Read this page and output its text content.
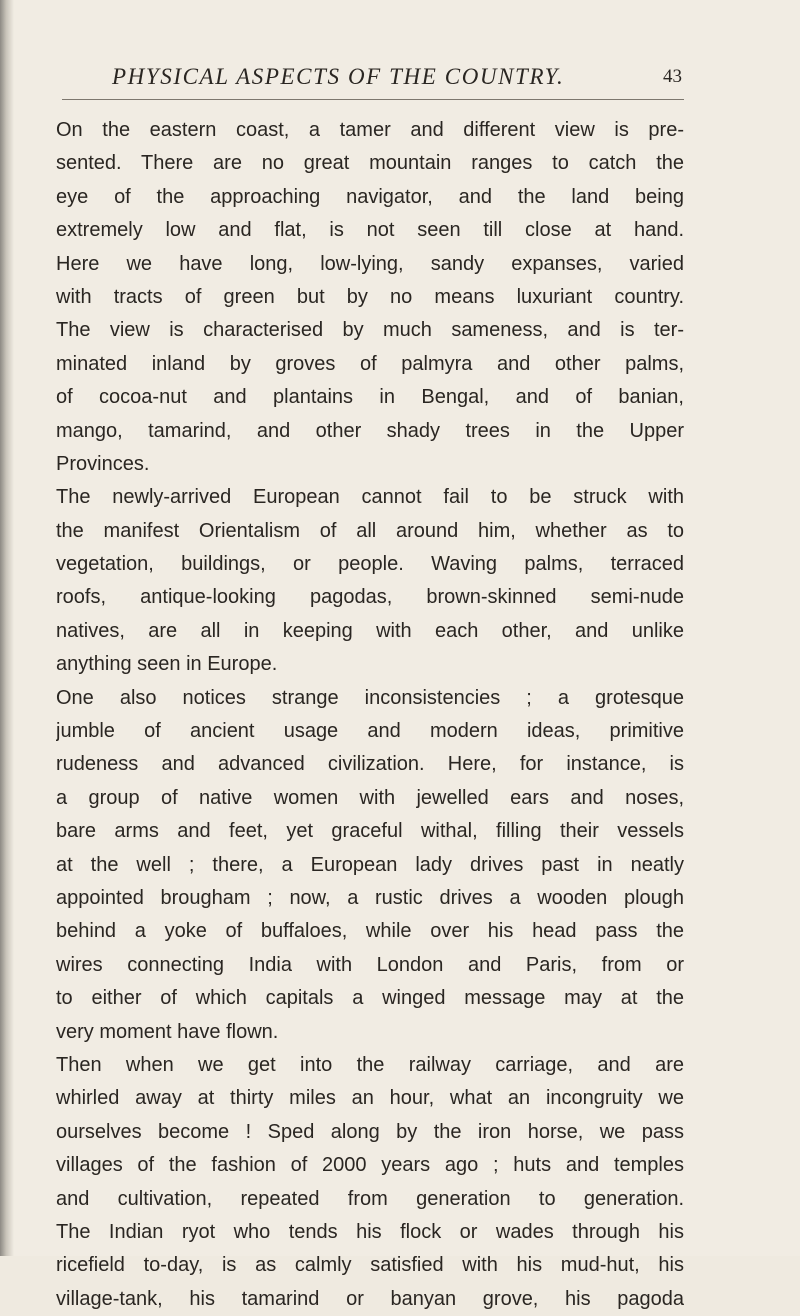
PHYSICAL ASPECTS OF THE COUNTRY.	43
On the eastern coast, a tamer and different view is pre-
sented. There are no great mountain ranges to catch the
eye of the approaching navigator, and the land being
extremely low and flat, is not seen till close at hand.
Here we have long, low-lying, sandy expanses, varied
with tracts of green but by no means luxuriant country.
The view is characterised by much sameness, and is ter-
minated inland by groves of palmyra and other palms,
of cocoa-nut and plantains in Bengal, and of banian,
mango, tamarind, and other shady trees in the Upper
Provinces.
The newly-arrived European cannot fail to be struck with
the manifest Orientalism of all around him, whether as to
vegetation, buildings, or people. Waving palms, terraced
roofs, antique-looking pagodas, brown-skinned semi-nude
natives, are all in keeping with each other, and unlike
anything seen in Europe.
One also notices strange inconsistencies ; a grotesque
jumble of ancient usage and modern ideas, primitive
rudeness and advanced civilization. Here, for instance, is
a group of native women with jewelled ears and noses,
bare arms and feet, yet graceful withal, filling their vessels
at the well ; there, a European lady drives past in neatly
appointed brougham ; now, a rustic drives a wooden plough
behind a yoke of buffaloes, while over his head pass the
wires connecting India with London and Paris, from or
to either of which capitals a winged message may at the
very moment have flown.
Then when we get into the railway carriage, and are
whirled away at thirty miles an hour, what an incongruity we
ourselves become ! Sped along by the iron horse, we pass
villages of the fashion of 2000 years ago ; huts and temples
and cultivation, repeated from generation to generation.
The Indian ryot who tends his flock or wades through his
ricefield to-day, is as calmly satisfied with his mud-hut, his
village-tank, his tamarind or banyan grove, his pagoda
